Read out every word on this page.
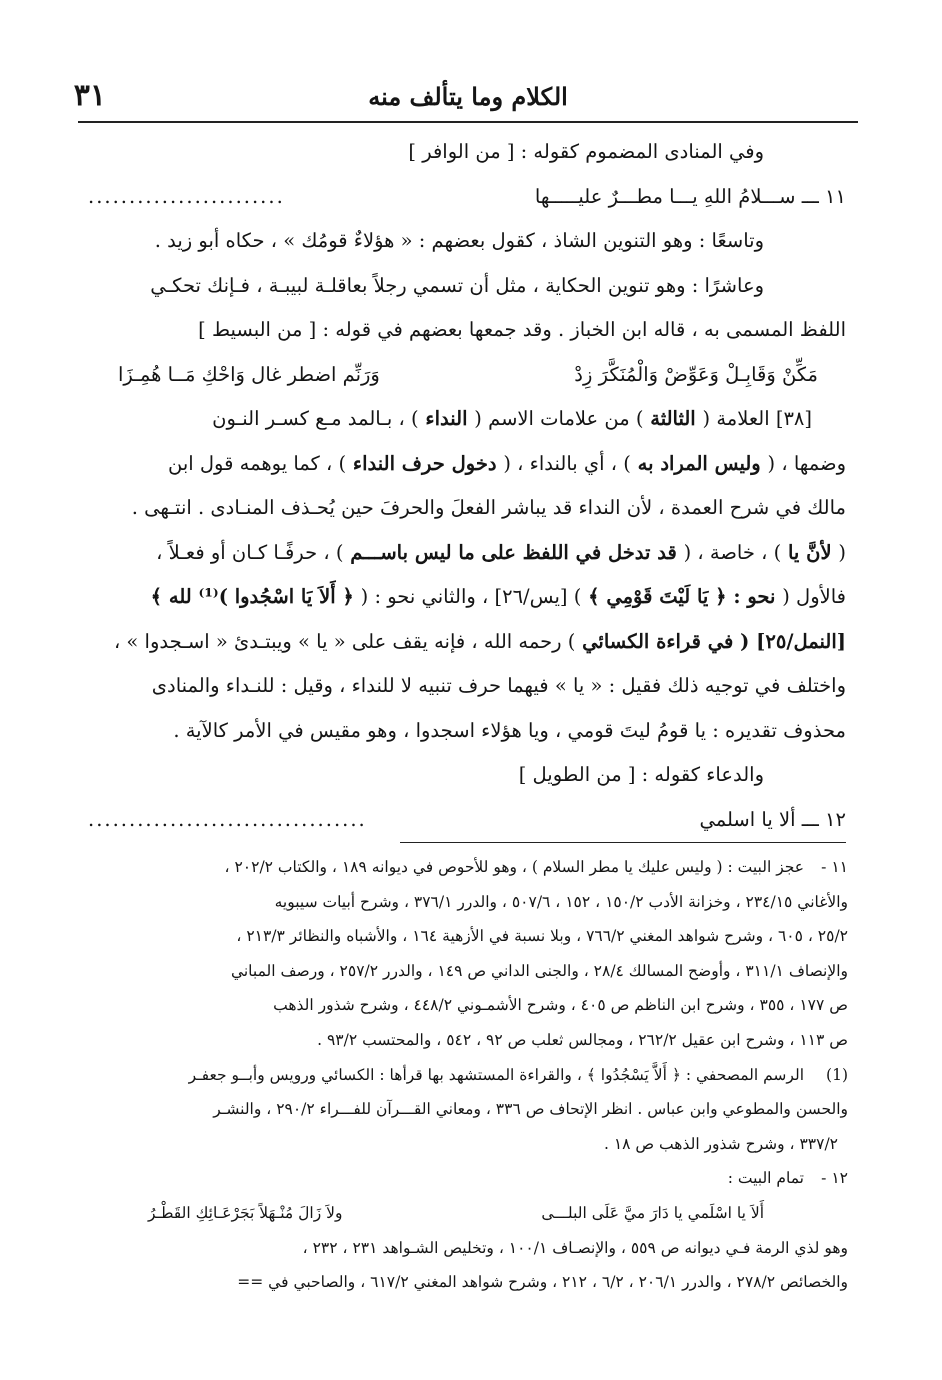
الكلام وما يتألف منه
٣١
وفي المنادى المضموم كقوله : [ من الوافر ]
١١ ـــ ســـلامُ اللهِ يـــا مطـــرٌ عليـــــها
........................
وتاسعًا : وهو التنوين الشاذ ، كقول بعضهم : « هؤلاءٌ قومُك » ، حكاه أبو زيد .
وعاشرًا : وهو تنوين الحكاية ، مثل أن تسمي رجلاً بعاقلـة لبيبـة ، فـإنك تحكـي
اللفظ المسمى به ، قاله ابن الخباز . وقد جمعها بعضهم في قوله : [ من البسيط ]
مَكِّنْ وَقَابِـلْ وَعَوِّضْ وَالْمُنَكَّرَ زِدْ
وَرَنِّم اضطر غال وَاحْكِ مَــا هُمِـزَا
[٣٨] العلامة ( الثالثة ) من علامات الاسم ( النداء ) ، بـالمد مـع كسـر النـون
وضمها ، ( وليس المراد به ) ، أي بالنداء ، ( دخول حرف النداء ) ، كما يوهمه قول ابن
مالك في شرح العمدة ، لأن النداء قد يباشر الفعلَ والحرفَ حين يُحـذف المنـادى . انتـهى .
( لأنَّ يا ) ، خاصة ، ( قد تدخل في اللفظ على ما ليس باســـم ) ، حرفًـا كـان أو فعـلاً ،
فالأول ( نحو : ﴿ يَا لَيْتَ قَوْمِي ﴾ ) [يس/٢٦] ، والثاني نحو : ( ﴿ أَلاَ يَا اسْجُدوا )⁽¹⁾ لله ﴾
[النمل/٢٥] ( في قراءة الكسائي ) رحمه الله ، فإنه يقف على « يا » ويبتـدئ « اسـجدوا » ،
واختلف في توجيه ذلك فقيل : « يا » فيهما حرف تنبيه لا للنداء ، وقيل : للنـداء والمنادى
محذوف تقديره : يا قومُ ليتَ قومي ، ويا هؤلاء اسجدوا ، وهو مقيس في الأمر كالآية .
والدعاء كقوله : [ من الطويل ]
١٢ ـــ ألا يا اسلمي
..................................
١١ -عجز البيت : ( وليس عليك يا مطر السلام ) ، وهو للأحوص في ديوانه ١٨٩ ، والكتاب ٢٠٢/٢ ،
والأغاني ٢٣٤/١٥ ، وخزانة الأدب ١٥٠/٢ ، ١٥٢ ، ٥٠٧/٦ ، والدرر ٣٧٦/١ ، وشرح أبيات سيبويه
٢٥/٢ ، ٦٠٥ ، وشرح شواهد المغني ٧٦٦/٢ ، وبلا نسبة في الأزهية ١٦٤ ، والأشباه والنظائر ٢١٣/٣ ،
والإنصاف ٣١١/١ ، وأوضح المسالك ٢٨/٤ ، والجنى الداني ص ١٤٩ ، والدرر ٢٥٧/٢ ، ورصف المباني
ص ١٧٧ ، ٣٥٥ ، وشرح ابن الناظم ص ٤٠٥ ، وشرح الأشمـوني ٤٤٨/٢ ، وشرح شذور الذهب
ص ١١٣ ، وشرح ابن عقيل ٢٦٢/٢ ، ومجالس ثعلب ص ٩٢ ، ٥٤٢ ، والمحتسب ٩٣/٢ .
(1)الرسم المصحفي : ﴿ أَلاَّ يَسْجُدُوا ﴾ ، والقراءة المستشهد بها قرأها : الكسائي ورويس وأبــو جعفـر
والحسن والمطوعي وابن عباس . انظر الإتحاف ص ٣٣٦ ، ومعاني القـــرآن للفـــراء ٢٩٠/٢ ، والنشـر
٣٣٧/٢ ، وشرح شذور الذهب ص ١٨ .
١٢ -تمام البيت :
أَلاَ يا اسْلَمي يا دَارَ ميَّ عَلَى البلـــى
ولاَ زَالَ مُنْـهَلاً بَجَرْعَـائِكِ القَطْـرُ
وهو لذي الرمة فـي ديوانه ص ٥٥٩ ، والإنصـاف ١٠٠/١ ، وتخليص الشـواهد ٢٣١ ، ٢٣٢ ،
والخصائص ٢٧٨/٢ ، والدرر ٢٠٦/١ ، ٦/٢ ، ٢١٢ ، وشرح شواهد المغني ٦١٧/٢ ، والصاحبي في ==
